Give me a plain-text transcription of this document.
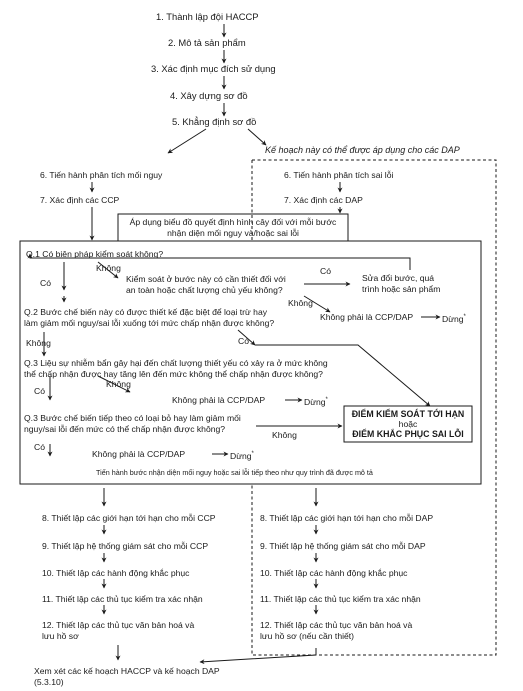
1. Thành lập đội HACCP
2. Mô tả sản phẩm
3. Xác định mục đích sử dụng
4. Xây dựng sơ đồ
5. Khẳng định sơ đồ
Kế hoạch này có thể được áp dụng cho các DAP
6. Tiến hành phân tích mối nguy
7. Xác định các CCP
6. Tiến hành phân tích sai lỗi
7. Xác định các DAP
Áp dụng biểu đồ quyết định hình cây đối với mỗi bước
nhận diện mối nguy và/hoặc sai lỗi
Q.1 Có biện pháp kiểm soát không?
Không
Có	Kiểm soát ở bước này có cần thiết đối với
an toàn hoặc chất lượng chủ yếu không?
Có
Sửa đổi bước, quá
trình hoặc sản phẩm
Không
Không phải là CCP/DAP	Dừng*
Q.2 Bước chế biến này có được thiết kế đặc biệt để loại trừ hay
làm giảm mối nguy/sai lỗi xuống tới mức chấp nhận được không?
Không	Có
Q.3 Liệu sự nhiễm bẩn gây hại đến chất lượng thiết yếu có xảy ra ở mức không
thể chấp nhận được hay tăng lên đến mức không thể chấp nhận được không?
Có
Không
Không phải là CCP/DAP	Dừng*
Q.3 Bước chế biến tiếp theo có loại bỏ hay làm giảm mối
nguy/sai lỗi đến mức có thể chấp nhận được không?
Không
Có
Không phải là CCP/DAP	Dừng*
ĐIỂM KIỂM SOÁT TỚI HẠN
hoặc
ĐIỂM KHẮC PHỤC SAI LỖI
Tiến hành bước nhận diện mối nguy hoặc sai lỗi tiếp theo như quy trình đã được mô tả
8. Thiết lập các giới hạn tới hạn cho mỗi CCP
9. Thiết lập hệ thống giám sát cho mỗi CCP
10. Thiết lập các hành động khắc phục
11. Thiết lập các thủ tục kiểm tra xác nhận
12. Thiết lập các thủ tục văn bản hoá và
lưu hồ sơ
8. Thiết lập các giới hạn tới hạn cho mỗi DAP
9. Thiết lập hệ thống giám sát cho mỗi DAP
10. Thiết lập các hành động khắc phục
11. Thiết lập các thủ tục kiểm tra xác nhận
12. Thiết lập các thủ tục văn bản hoá và
lưu hồ sơ (nếu cần thiết)
Xem xét các kế hoạch HACCP và kế hoạch DAP
(5.3.10)
